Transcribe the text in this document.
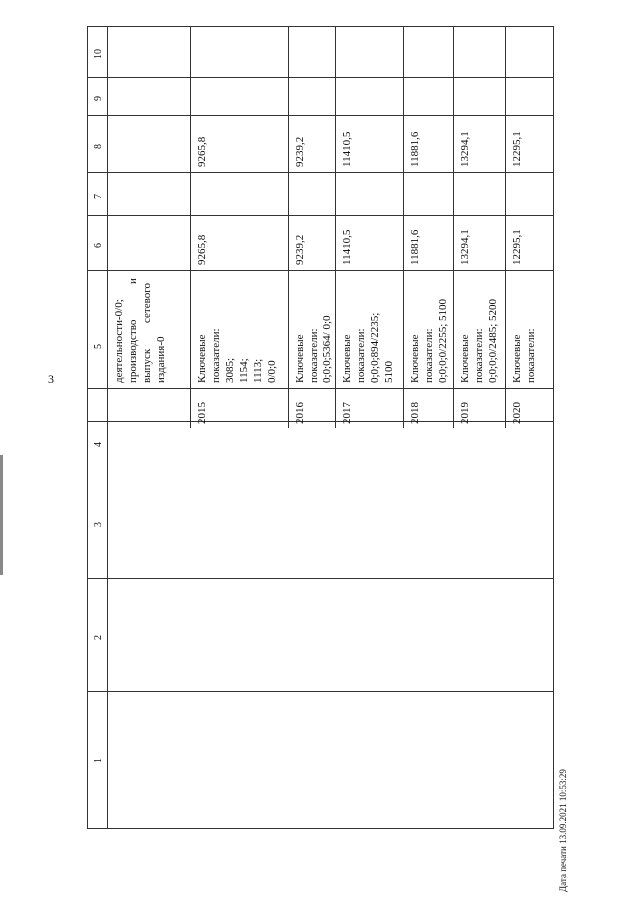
3
1
2
3
4
5
6
7
8
9
10
деятельности-0/0; производство
и
выпуск
сетевого
издания-0
2015
Ключевые показатели: 3085; 1154; 1113; 0/0;0
9265,8
9265,8
2016
Ключевые показатели: 0;0;0;5364/ 0;0
9239,2
9239,2
2017
Ключевые показатели: 0;0;0;894/2235; 5100
11410,5
11410,5
2018
Ключевые показатели: 0;0;0;0/2255; 5100
11881,6
11881,6
2019
Ключевые показатели: 0;0;0;0/2485; 5200
13294,1
13294,1
2020
Ключевые показатели:
12295,1
12295,1
Дата печати 13.09.2021 10:53:29
